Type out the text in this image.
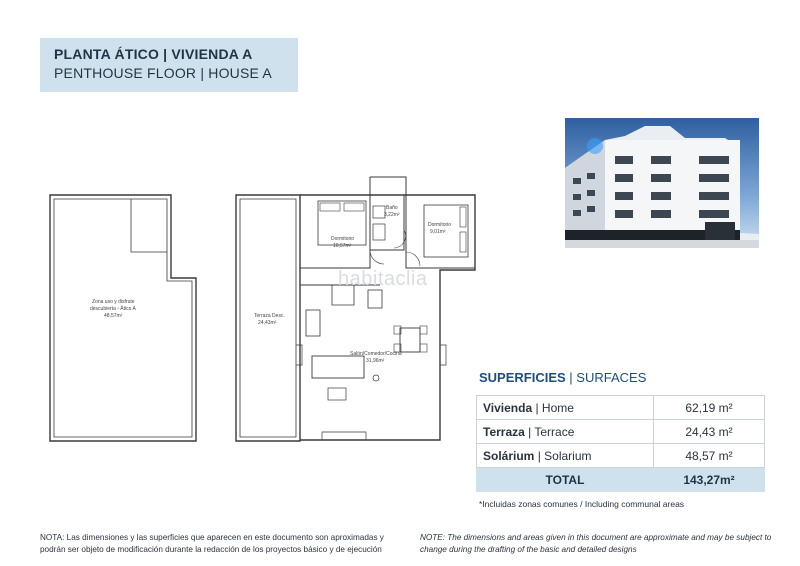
PLANTA ÁTICO | VIVIENDA A
PENTHOUSE FLOOR | HOUSE A
Zona uso y disfrute
descubierta - Ático A
48,57m²	Terraza Desc.
24,43m²
Dormitorio
10,57m²
Baño
3,22m²
Dormitorio
9,01m²
Salón/Comedor/Cocina
31,96m²
habitaclia
SUPERFICIES | SURFACES
Vivienda | Home	62,19 m²
Terraza | Terrace	24,43 m²
Solárium | Solarium	48,57 m²
TOTAL	143,27m²
*Incluidas zonas comunes / Including communal areas
NOTA: Las dimensiones y las superficies que aparecen en este documento son aproximadas y podrán ser objeto de modificación durante la redacción de los proyectos básico y de ejecución
NOTE: The dimensions and areas given in this document are approximate and may be subject to change during the drafting of the basic and detailed designs
